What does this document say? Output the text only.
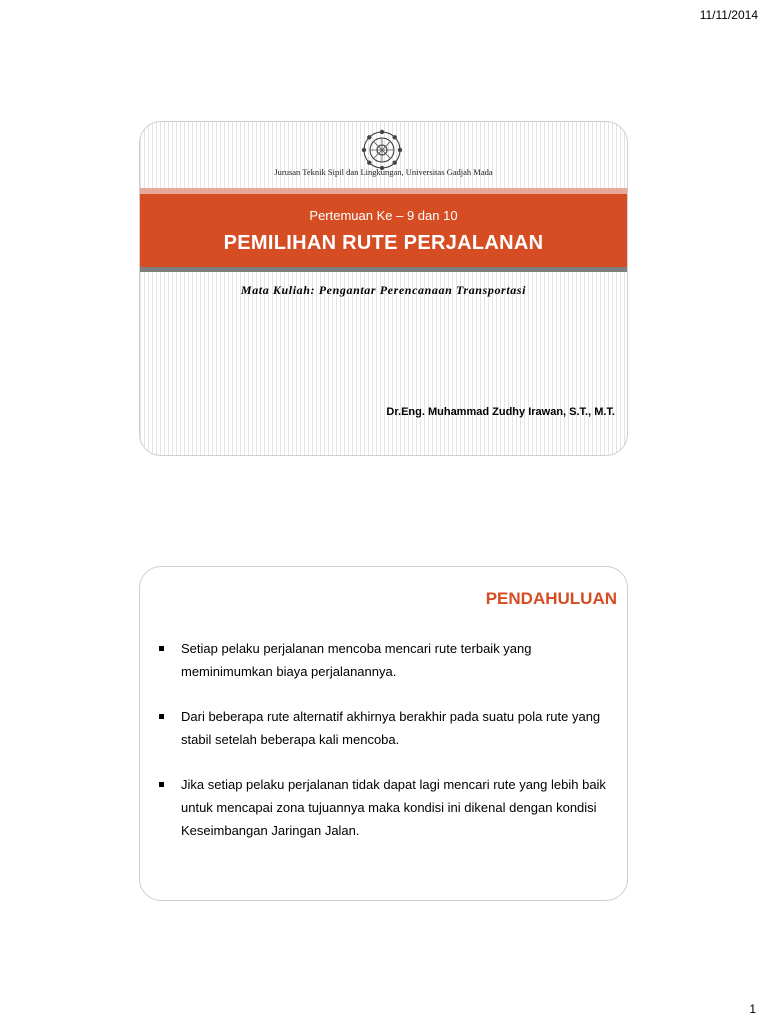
11/11/2014
Jurusan Teknik Sipil dan Lingkungan, Universitas Gadjah Mada
Pertemuan Ke – 9 dan 10
PEMILIHAN RUTE PERJALANAN
Mata Kuliah: Pengantar Perencanaan Transportasi
Dr.Eng. Muhammad Zudhy Irawan, S.T., M.T.
PENDAHULUAN
Setiap pelaku perjalanan mencoba mencari rute terbaik yang meminimumkan biaya perjalanannya.
Dari beberapa rute alternatif akhirnya berakhir pada suatu pola rute yang stabil setelah beberapa kali mencoba.
Jika setiap pelaku perjalanan tidak dapat lagi mencari rute yang lebih baik untuk mencapai zona tujuannya maka kondisi ini dikenal dengan kondisi Keseimbangan Jaringan Jalan.
1
